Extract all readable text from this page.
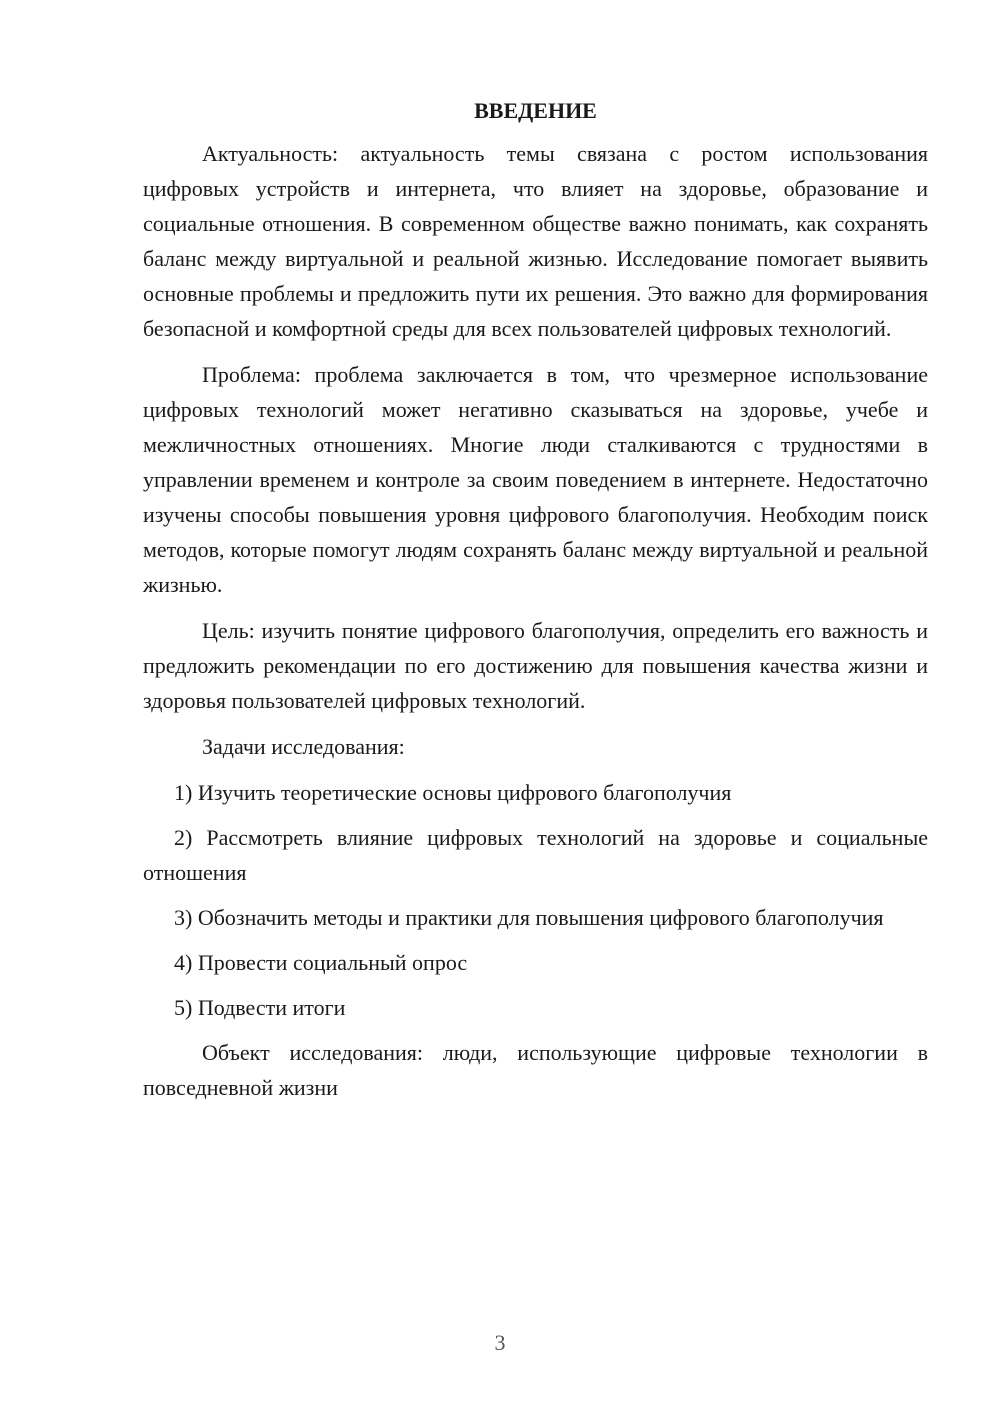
ВВЕДЕНИЕ

Актуальность: актуальность темы связана с ростом использования цифровых устройств и интернета, что влияет на здоровье, образование и социальные отношения. В современном обществе важно понимать, как сохранять баланс между виртуальной и реальной жизнью. Исследование помогает выявить основные проблемы и предложить пути их решения. Это важно для формирования безопасной и комфортной среды для всех пользователей цифровых технологий.

Проблема: проблема заключается в том, что чрезмерное использование цифровых технологий может негативно сказываться на здоровье, учебе и межличностных отношениях. Многие люди сталкиваются с трудностями в управлении временем и контроле за своим поведением в интернете. Недостаточно изучены способы повышения уровня цифрового благополучия. Необходим поиск методов, которые помогут людям сохранять баланс между виртуальной и реальной жизнью.

Цель: изучить понятие цифрового благополучия, определить его важность и предложить рекомендации по его достижению для повышения качества жизни и здоровья пользователей цифровых технологий.

Задачи исследования:

1) Изучить теоретические основы цифрового благополучия

2) Рассмотреть влияние цифровых технологий на здоровье и социальные отношения

3) Обозначить методы и практики для повышения цифрового благополучия

4) Провести социальный опрос

5) Подвести итоги

Объект исследования: люди, использующие цифровые технологии в повседневной жизни

3
